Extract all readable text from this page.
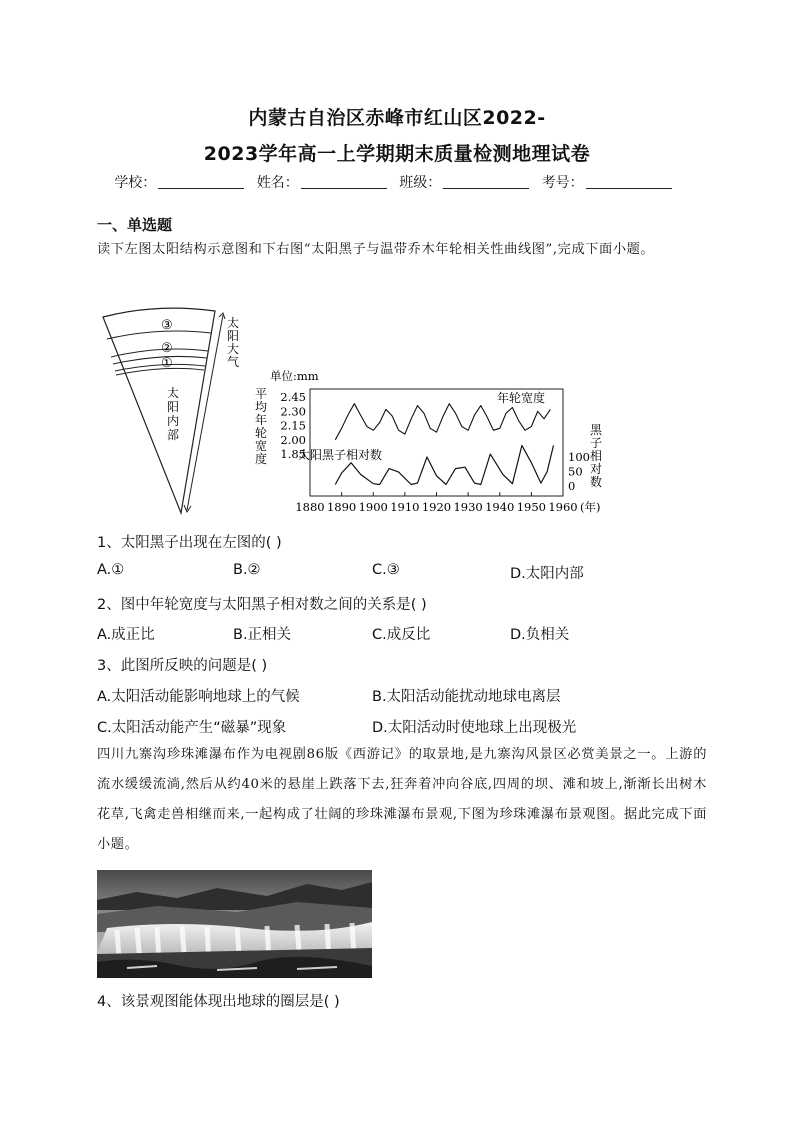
内蒙古自治区赤峰市红山区2022-
2023学年高一上学期期末质量检测地理试卷
学校：	姓名：	班级：	考号：
一、单选题
读下左图太阳结构示意图和下右图“太阳黑子与温带乔木年轮相关性曲线图”,完成下面小题。
③
②
①
太阳大气
太阳内部
单位:mm
平均年轮宽度
黑子相对数
2.45
2.30
2.15
2.00
1.85	100
50
0
1880 1890 1900 1910 1920 1930 1940 1950 1960 (年)
年轮宽度
太阳黑子相对数
1、太阳黑子出现在左图的( )
A.①	B.②	C.③	D.太阳内部
2、图中年轮宽度与太阳黑子相对数之间的关系是( )
A.成正比	B.正相关	C.成反比	D.负相关
3、此图所反映的问题是( )
A.太阳活动能影响地球上的气候	B.太阳活动能扰动地球电离层
C.太阳活动能产生“磁暴”现象	D.太阳活动时使地球上出现极光
四川九寨沟珍珠滩瀑布作为电视剧86版《西游记》的取景地,是九寨沟风景区必赏美景之一。上游的流水缓缓流淌,然后从约40米的悬崖上跌落下去,狂奔着冲向谷底,四周的坝、滩和坡上,渐渐长出树木花草,飞禽走兽相继而来,一起构成了壮阔的珍珠滩瀑布景观,下图为珍珠滩瀑布景观图。据此完成下面小题。
4、该景观图能体现出地球的圈层是( )
